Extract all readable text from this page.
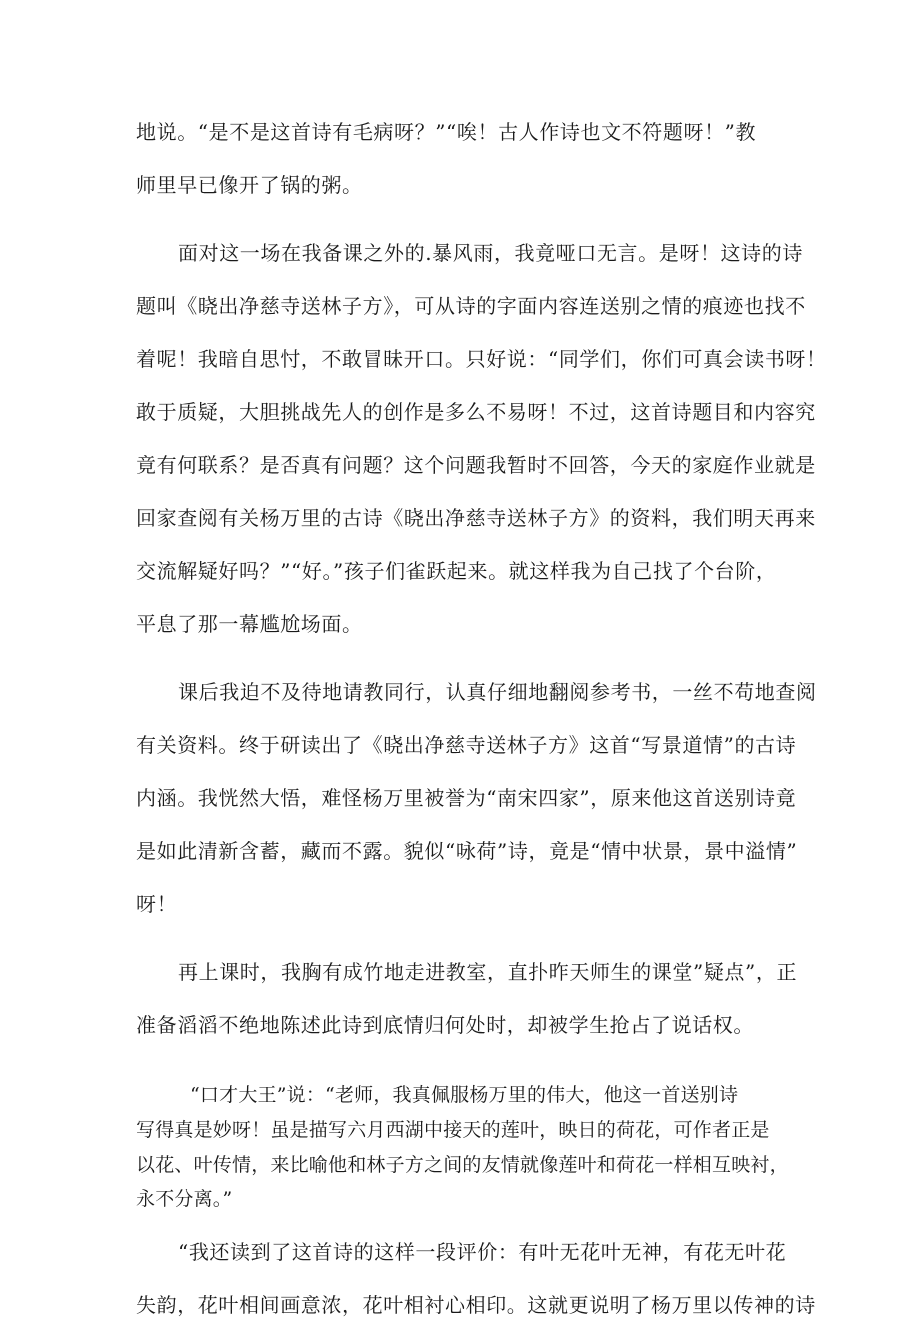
地说。“是不是这首诗有毛病呀？”“唉！古人作诗也文不符题呀！”教
师里早已像开了锅的粥。
面对这一场在我备课之外的.暴风雨，我竟哑口无言。是呀！这诗的诗
题叫《晓出净慈寺送林子方》，可从诗的字面内容连送别之情的痕迹也找不
着呢！我暗自思忖，不敢冒昧开口。只好说：“同学们，你们可真会读书呀！
敢于质疑，大胆挑战先人的创作是多么不易呀！不过，这首诗题目和内容究
竟有何联系？是否真有问题？这个问题我暂时不回答，今天的家庭作业就是
回家查阅有关杨万里的古诗《晓出净慈寺送林子方》的资料，我们明天再来
交流解疑好吗？”“好。”孩子们雀跃起来。就这样我为自己找了个台阶，
平息了那一幕尴尬场面。
课后我迫不及待地请教同行，认真仔细地翻阅参考书，一丝不苟地查阅
有关资料。终于研读出了《晓出净慈寺送林子方》这首“写景道情”的古诗
内涵。我恍然大悟，难怪杨万里被誉为“南宋四家”，原来他这首送别诗竟
是如此清新含蓄，藏而不露。貌似“咏荷”诗，竟是“情中状景，景中溢情”
呀！
再上课时，我胸有成竹地走进教室，直扑昨天师生的课堂”疑点”，正
准备滔滔不绝地陈述此诗到底情归何处时，却被学生抢占了说话权。
“口才大王”说：“老师，我真佩服杨万里的伟大，他这一首送别诗
写得真是妙呀！虽是描写六月西湖中接天的莲叶，映日的荷花，可作者正是
以花、叶传情，来比喻他和林子方之间的友情就像莲叶和荷花一样相互映衬，
永不分离。”
“我还读到了这首诗的这样一段评价：有叶无花叶无神，有花无叶花
失韵，花叶相间画意浓，花叶相衬心相印。这就更说明了杨万里以传神的诗
